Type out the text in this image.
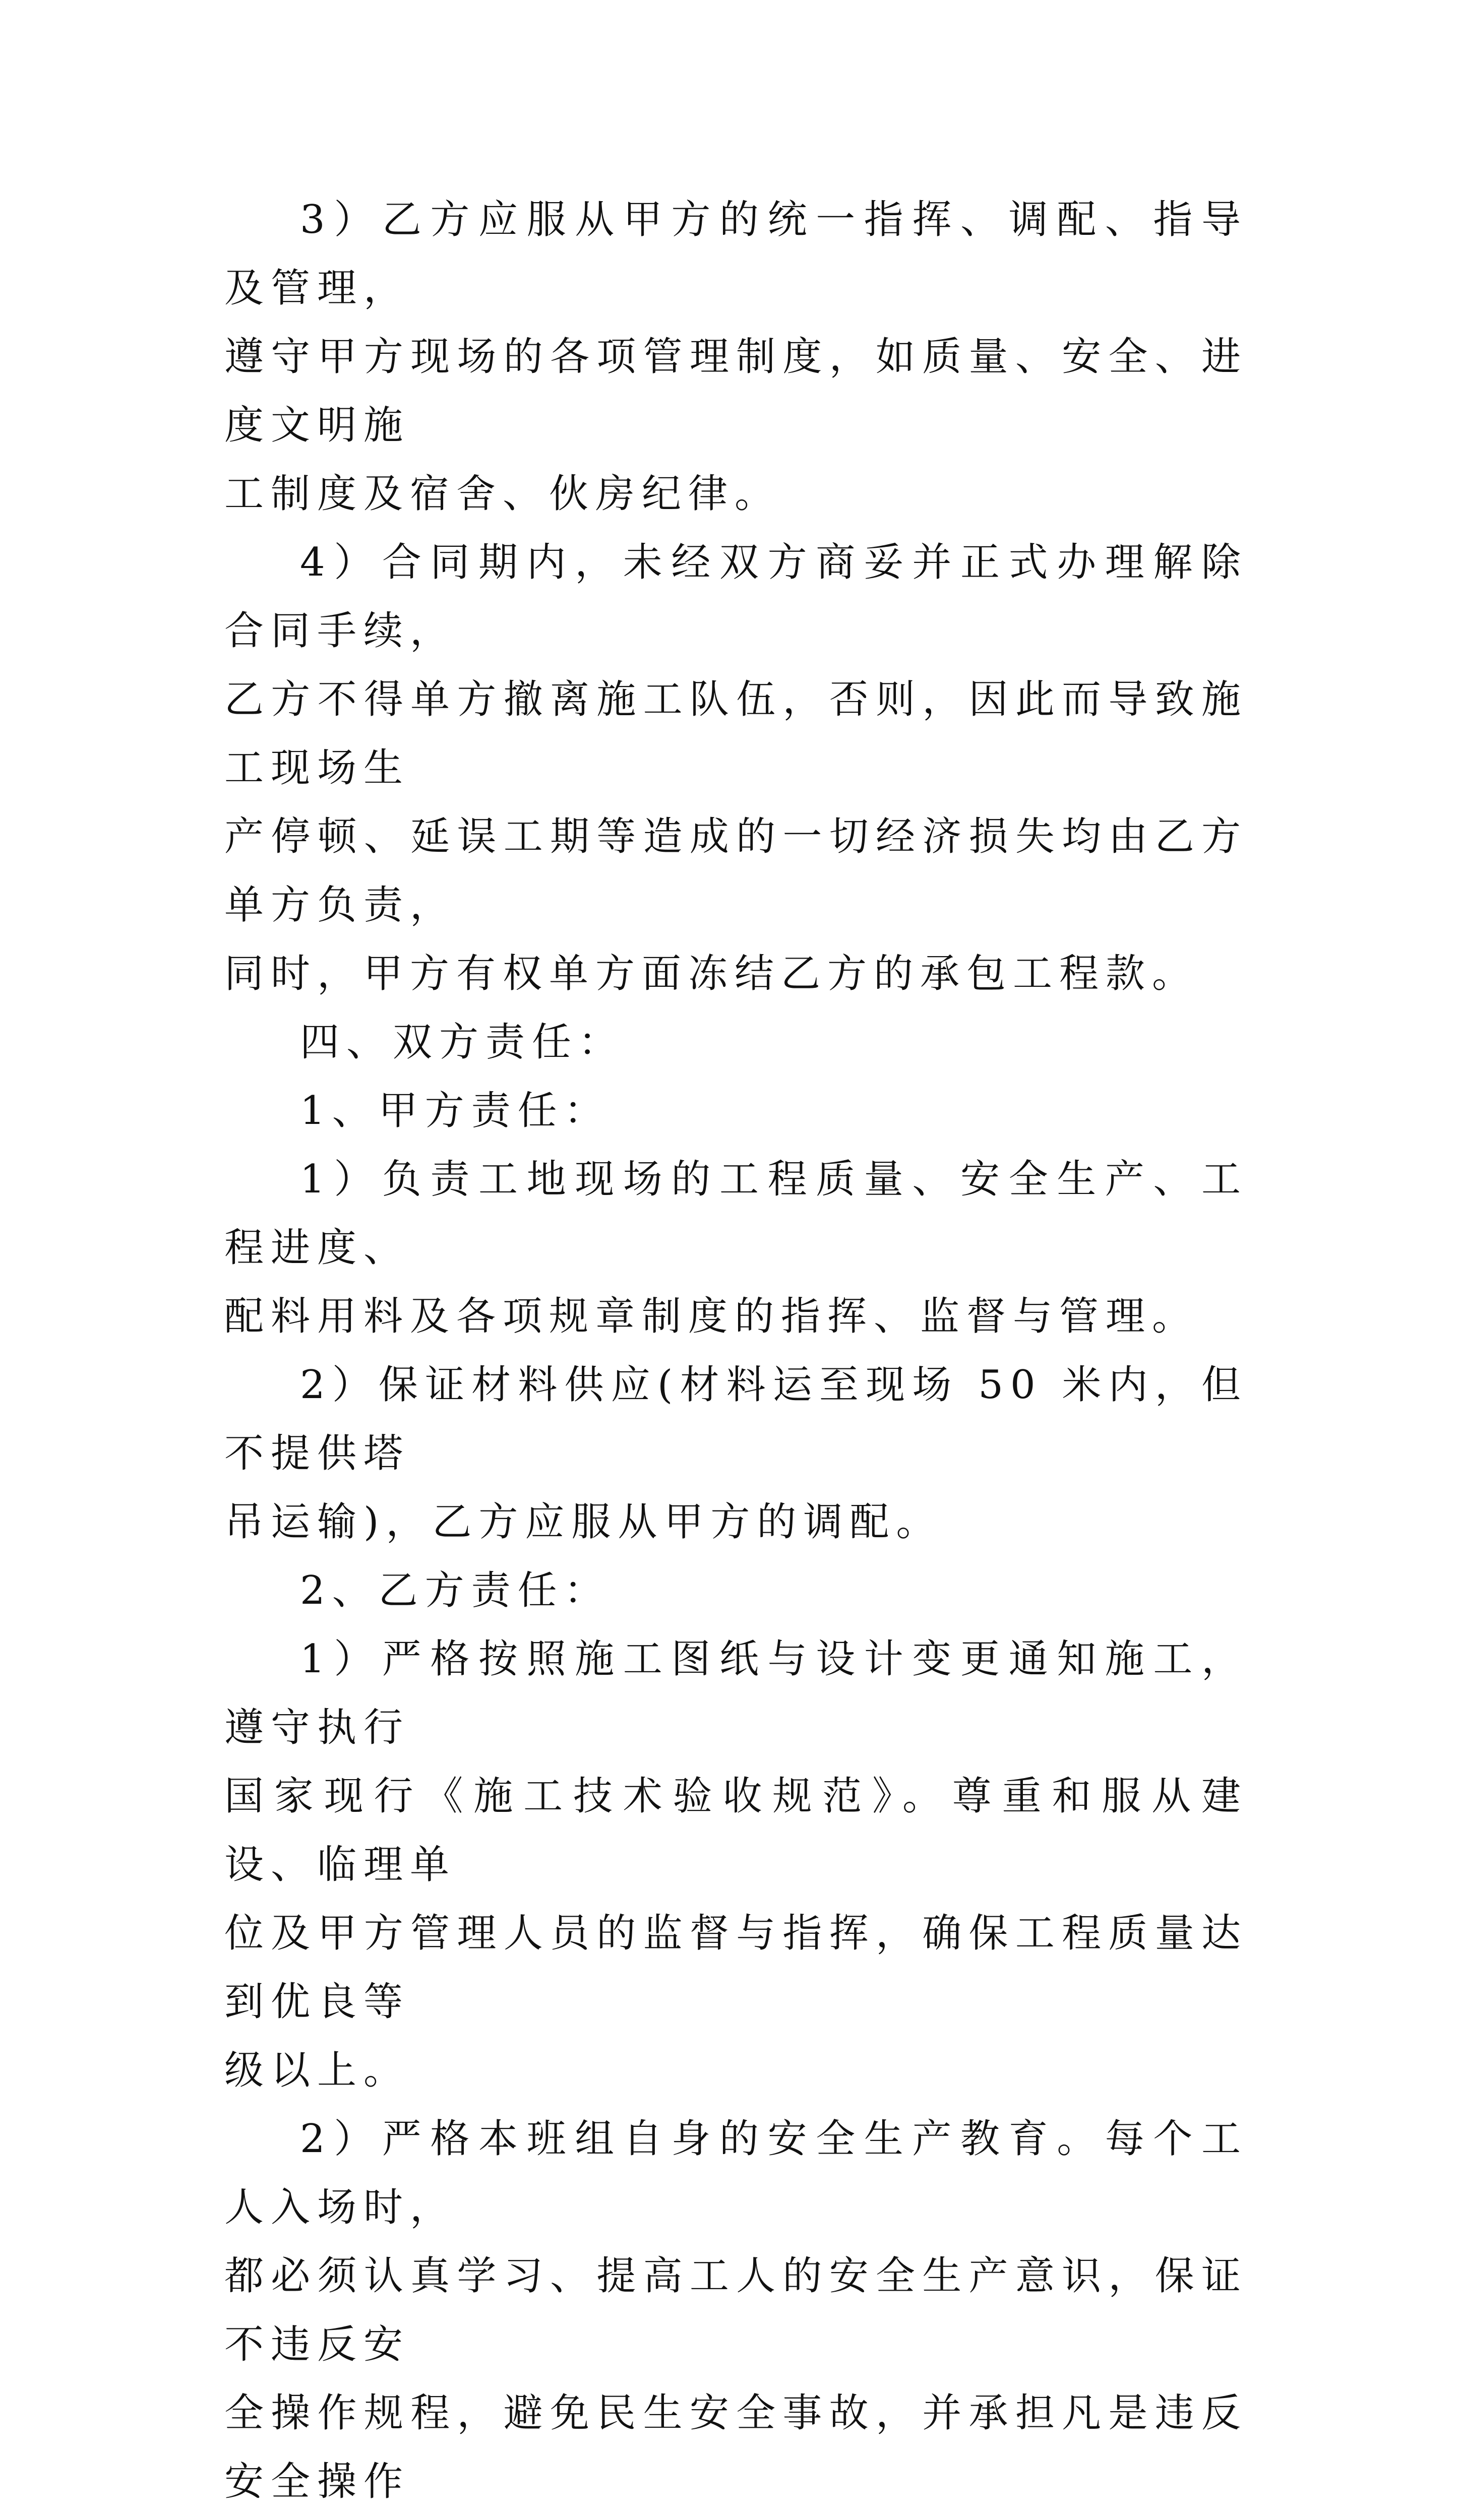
3）乙方应服从甲方的统一指挥、调配、指导及管理，
遵守甲方现场的各项管理制度，如质量、安全、进度文明施
工制度及宿舍、伙房纪律。
4）合同期内，未经双方商妥并正式办理解除合同手续，
乙方不得单方撤离施工队伍，否则，因此而导致施工现场生
产停顿、延误工期等造成的一切经济损失均由乙方单方负责，
同时，甲方有权单方面冻结乙方的承包工程款。
四、双方责任：
1、甲方责任：
1）负责工地现场的工程质量、安全生产、工程进度、
配料用料及各项规章制度的指挥、监督与管理。
2）保证材料供应(材料运至现场 50 米内，但不提供塔
吊运输)，乙方应服从甲方的调配。
2、乙方责任：
1）严格按照施工图纸与设计变更通知施工，遵守执行
国家现行《施工技术验收规范》。尊重和服从建设、临理单
位及甲方管理人员的监督与指挥，确保工程质量达到优良等
级以上。
2）严格本班组自身的安全生产教育。每个工人入场时，
都必须认真学习、提高工人的安全生产意识，保证不违反安
全操作规程，避免民生安全事故，并承担凡是违反安全操作
